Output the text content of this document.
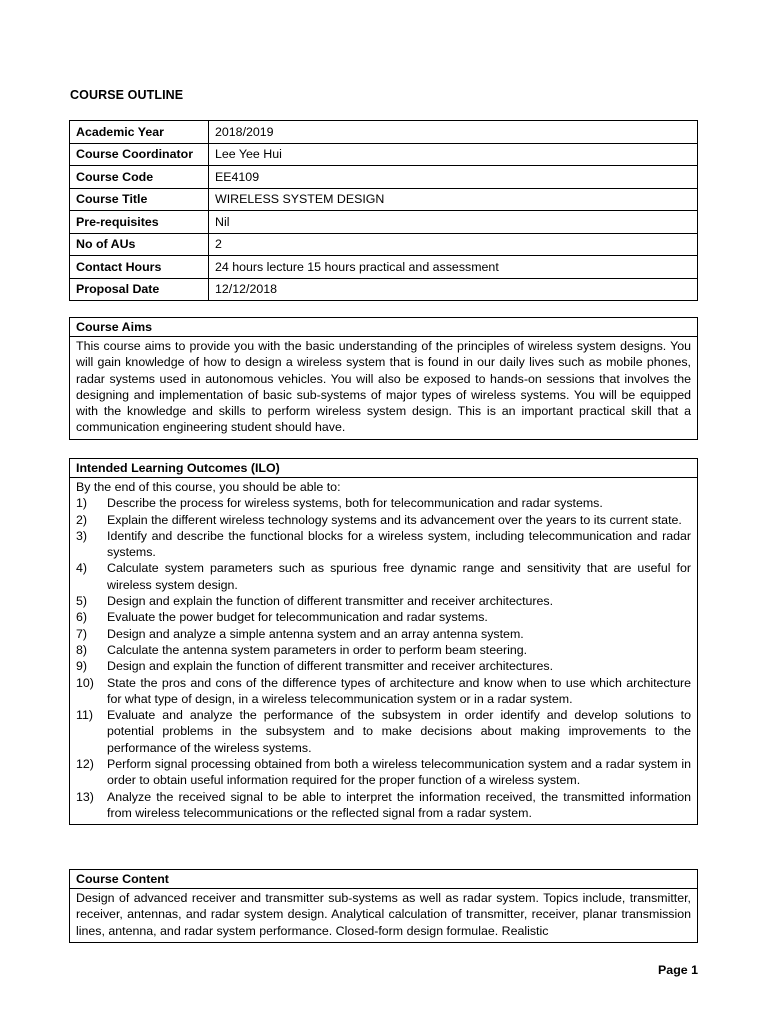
COURSE OUTLINE
Academic Year	2018/2019
Course Coordinator	Lee Yee Hui
Course Code	EE4109
Course Title	WIRELESS SYSTEM DESIGN
Pre-requisites	Nil
No of AUs	2
Contact Hours	24 hours lecture 15 hours practical and assessment
Proposal Date	12/12/2018
Course Aims
This course aims to provide you with the basic understanding of the principles of wireless system designs. You will gain knowledge of how to design a wireless system that is found in our daily lives such as mobile phones, radar systems used in autonomous vehicles. You will also be exposed to hands-on sessions that involves the designing and implementation of basic sub-systems of major types of wireless systems. You will be equipped with the knowledge and skills to perform wireless system design. This is an important practical skill that a communication engineering student should have.
Intended Learning Outcomes (ILO)
By the end of this course, you should be able to:
1)	Describe the process for wireless systems, both for telecommunication and radar systems.
2)	Explain the different wireless technology systems and its advancement over the years to its current state.
3)	Identify and describe the functional blocks for a wireless system, including telecommunication and radar systems.
4)	Calculate system parameters such as spurious free dynamic range and sensitivity that are useful for wireless system design.
5)	Design and explain the function of different transmitter and receiver architectures.
6)	Evaluate the power budget for telecommunication and radar systems.
7)	Design and analyze a simple antenna system and an array antenna system.
8)	Calculate the antenna system parameters in order to perform beam steering.
9)	Design and explain the function of different transmitter and receiver architectures.
10)	State the pros and cons of the difference types of architecture and know when to use which architecture for what type of design, in a wireless telecommunication system or in a radar system.
11)	Evaluate and analyze the performance of the subsystem in order identify and develop solutions to potential problems in the subsystem and to make decisions about making improvements to the performance of the wireless systems.
12)	Perform signal processing obtained from both a wireless telecommunication system and a radar system in order to obtain useful information required for the proper function of a wireless system.
13)	Analyze the received signal to be able to interpret the information received, the transmitted information from wireless telecommunications or the reflected signal from a radar system.
Course Content
Design of advanced receiver and transmitter sub-systems as well as radar system. Topics include, transmitter, receiver, antennas, and radar system design. Analytical calculation of transmitter, receiver, planar transmission lines, antenna, and radar system performance. Closed-form design formulae. Realistic
Page 1
